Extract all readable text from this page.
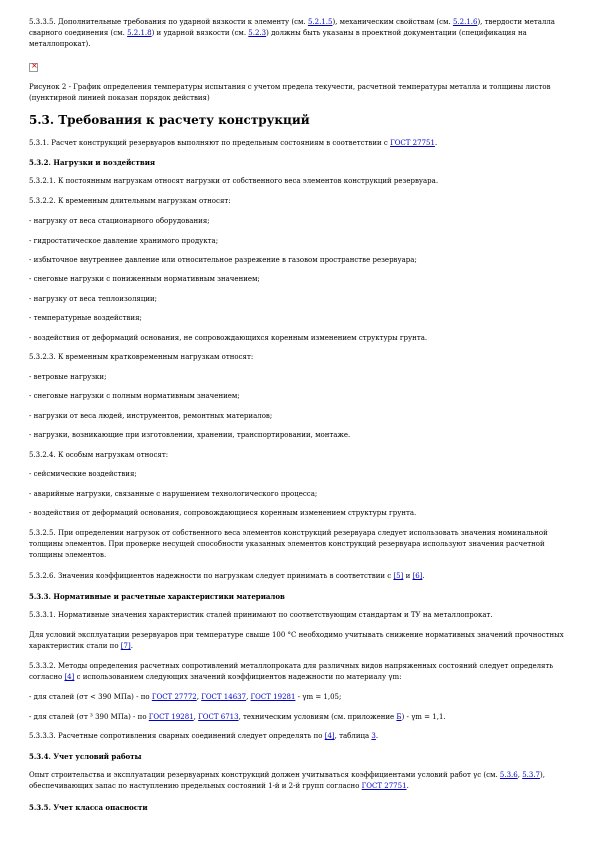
5.3.3.5. Дополнительные требования по ударной вязкости к элементу (см. 5.2.1.5), механическим свойствам (см. 5.2.1.6), твердости металла сварного соединения (см. 5.2.1.8) и ударной вязкости (см. 5.2.3) должны быть указаны в проектной документации (спецификация на металлопрокат).

×

Рисунок 2 - График определения температуры испытания с учетом предела текучести, расчетной температуры металла и толщины листов (пунктирной линией показан порядок действия)

5.3. Требования к расчету конструкций

5.3.1. Расчет конструкций резервуаров выполняют по предельным состояниям в соответствии с ГОСТ 27751.

5.3.2. Нагрузки и воздействия

5.3.2.1. К постоянным нагрузкам относят нагрузки от собственного веса элементов конструкций резервуара.

5.3.2.2. К временным длительным нагрузкам относят:

- нагрузку от веса стационарного оборудования;

- гидростатическое давление хранимого продукта;

- избыточное внутреннее давление или относительное разрежение в газовом пространстве резервуара;

- снеговые нагрузки с пониженным нормативным значением;

- нагрузку от веса теплоизоляции;

- температурные воздействия;

- воздействия от деформаций основания, не сопровождающихся коренным изменением структуры грунта.

5.3.2.3. К временным кратковременным нагрузкам относят:

- ветровые нагрузки;

- снеговые нагрузки с полным нормативным значением;

- нагрузки от веса людей, инструментов, ремонтных материалов;

- нагрузки, возникающие при изготовлении, хранении, транспортировании, монтаже.

5.3.2.4. К особым нагрузкам относят:

- сейсмические воздействия;

- аварийные нагрузки, связанные с нарушением технологического процесса;

- воздействия от деформаций основания, сопровождающиеся коренным изменением структуры грунта.

5.3.2.5. При определении нагрузок от собственного веса элементов конструкций резервуара следует использовать значения номинальной толщины элементов. При проверке несущей способности указанных элементов конструкций резервуара используют значения расчетной толщины элементов.

5.3.2.6. Значения коэффициентов надежности по нагрузкам следует принимать в соответствии с [5] и [6].

5.3.3. Нормативные и расчетные характеристики материалов

5.3.3.1. Нормативные значения характеристик сталей принимают по соответствующим стандартам и ТУ на металлопрокат.

Для условий эксплуатации резервуаров при температуре свыше 100 °С необходимо учитывать снижение нормативных значений прочностных характеристик стали по [7].

5.3.3.2. Методы определения расчетных сопротивлений металлопроката для различных видов напряженных состояний следует определять согласно [4] с использованием следующих значений коэффициентов надежности по материалу γm:

- для сталей (σт < 390 МПа) - по ГОСТ 27772, ГОСТ 14637, ГОСТ 19281 - γm = 1,05;

- для сталей (σт ³ 390 МПа) - по ГОСТ 19281, ГОСТ 6713, техническим условиям (см. приложение Б) - γm = 1,1.

5.3.3.3. Расчетные сопротивления сварных соединений следует определять по [4], таблица 3.

5.3.4. Учет условий работы

Опыт строительства и эксплуатации резервуарных конструкций должен учитываться коэффициентами условий работ γc (см. 5.3.6, 5.3.7), обеспечивающих запас по наступлению предельных состояний 1-й и 2-й групп согласно ГОСТ 27751.

5.3.5. Учет класса опасности
